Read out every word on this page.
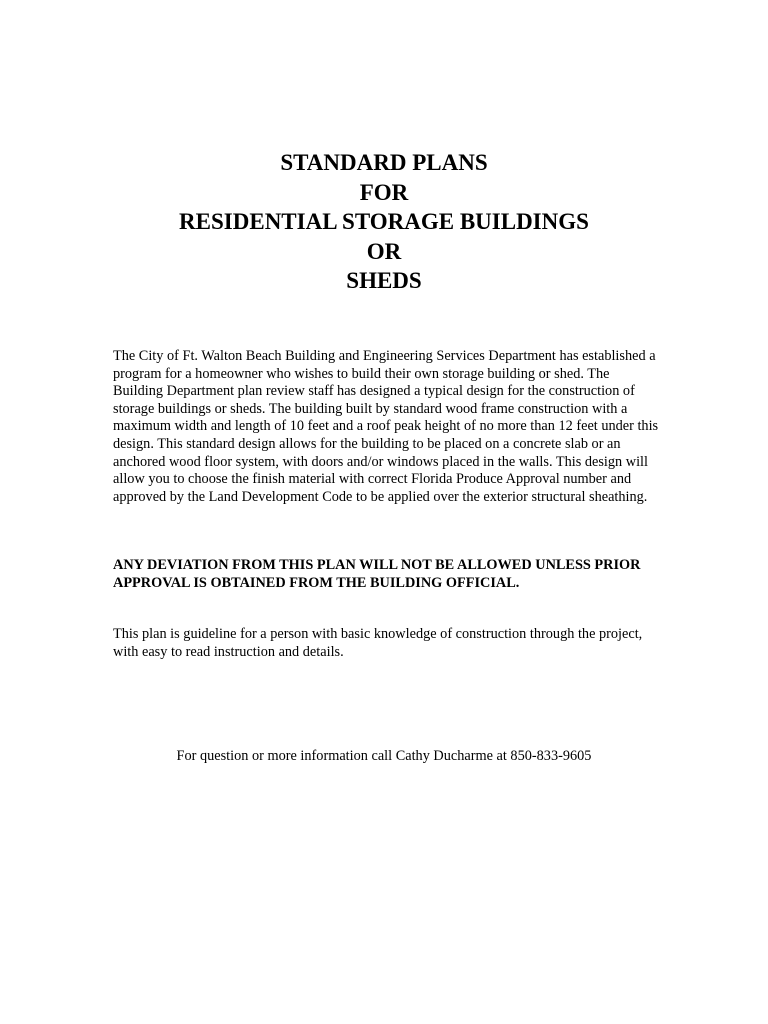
STANDARD PLANS
FOR
RESIDENTIAL STORAGE BUILDINGS
OR
SHEDS

The City of Ft. Walton Beach Building and Engineering Services Department has established a program for a homeowner who wishes to build their own storage building or shed. The Building Department plan review staff has designed a typical design for the construction of storage buildings or sheds. The building built by standard wood frame construction with a maximum width and length of 10 feet and a roof peak height of no more than 12 feet under this design. This standard design allows for the building to be placed on a concrete slab or an anchored wood floor system, with doors and/or windows placed in the walls. This design will allow you to choose the finish material with correct Florida Produce Approval number and approved by the Land Development Code to be applied over the exterior structural sheathing.

ANY DEVIATION FROM THIS PLAN WILL NOT BE ALLOWED UNLESS PRIOR APPROVAL IS OBTAINED FROM THE BUILDING OFFICIAL.

This plan is guideline for a person with basic knowledge of construction through the project, with easy to read instruction and details.

For question or more information call Cathy Ducharme at 850-833-9605
